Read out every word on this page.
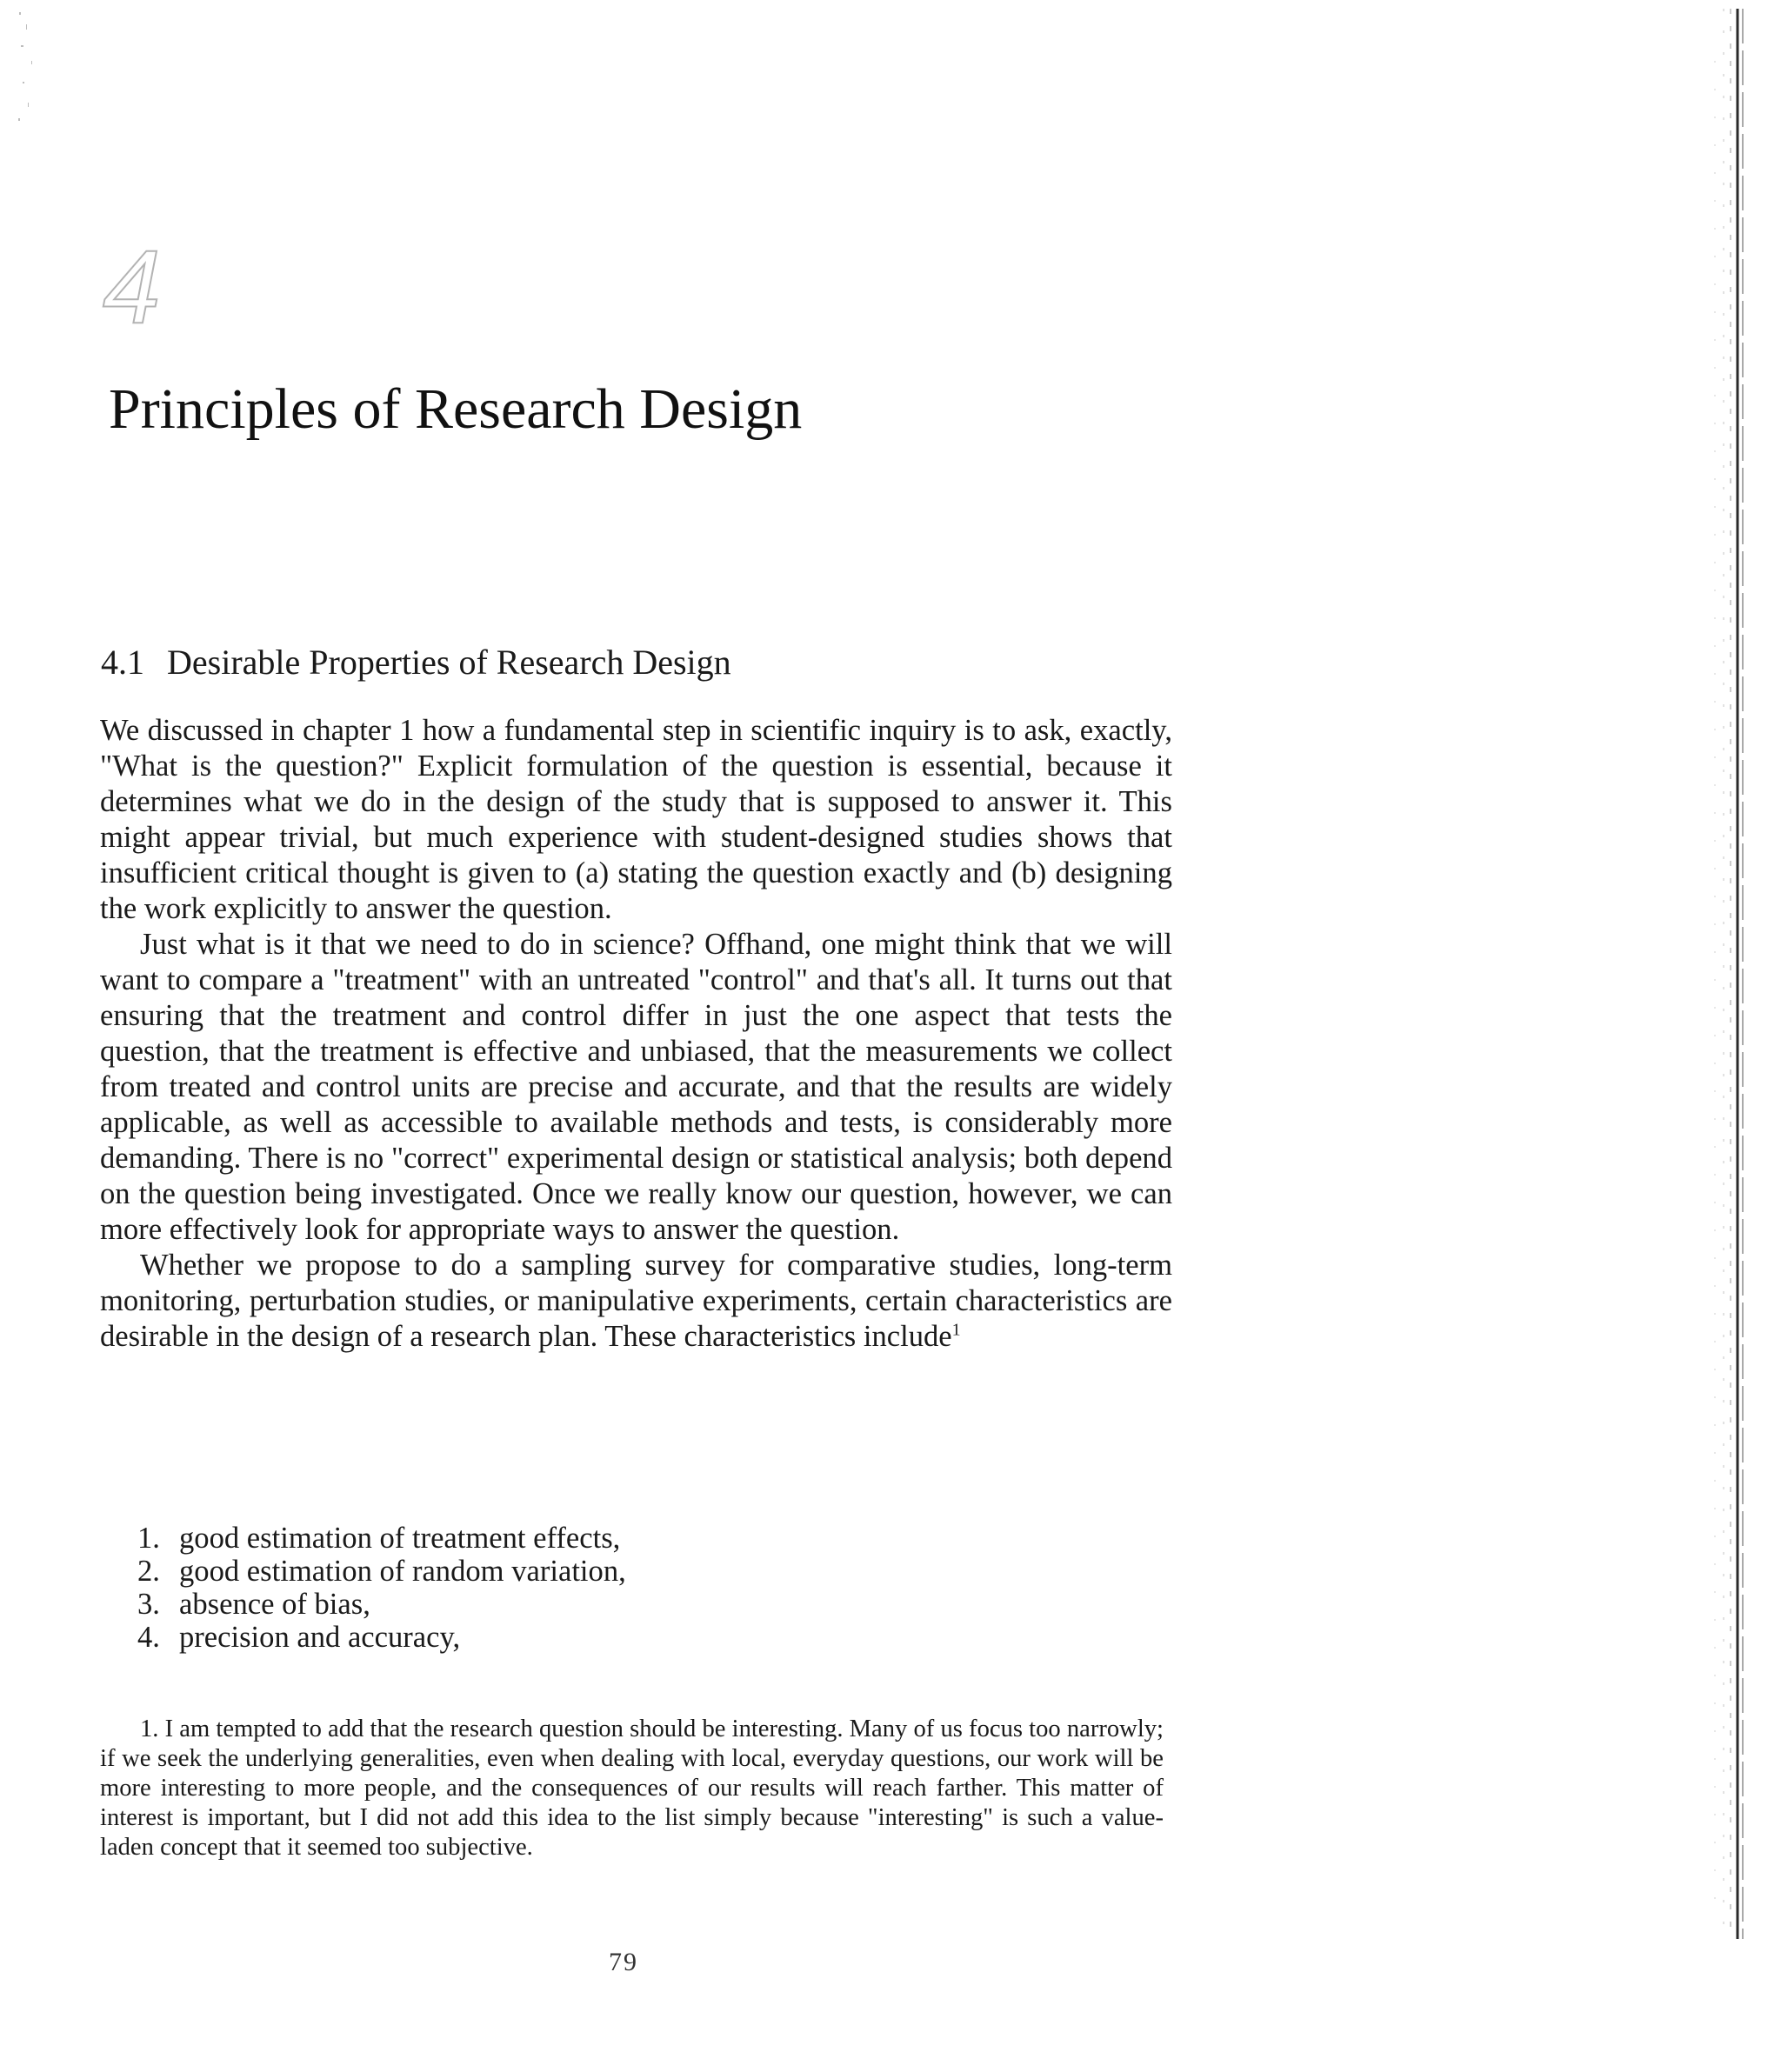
4
Principles of Research Design
4.1 Desirable Properties of Research Design

We discussed in chapter 1 how a fundamental step in scientific inquiry is to ask, exactly, "What is the question?" Explicit formulation of the question is essential, because it determines what we do in the design of the study that is supposed to answer it. This might appear trivial, but much experience with student-designed studies shows that insufficient critical thought is given to (a) stating the question exactly and (b) designing the work explicitly to answer the question.

Just what is it that we need to do in science? Offhand, one might think that we will want to compare a "treatment" with an untreated "control" and that's all. It turns out that ensuring that the treatment and control differ in just the one aspect that tests the question, that the treatment is effective and unbiased, that the measurements we collect from treated and control units are precise and accurate, and that the results are widely applicable, as well as accessible to available methods and tests, is considerably more demanding. There is no "correct" experimental design or statistical analysis; both depend on the question being investigated. Once we really know our question, however, we can more effectively look for appropriate ways to answer the question.

Whether we propose to do a sampling survey for comparative studies, long-term monitoring, perturbation studies, or manipulative experiments, certain characteristics are desirable in the design of a research plan. These characteristics include$^1$

1. good estimation of treatment effects,
2. good estimation of random variation,
3. absence of bias,
4. precision and accuracy,

1. I am tempted to add that the research question should be interesting. Many of us focus too narrowly; if we seek the underlying generalities, even when dealing with local, everyday questions, our work will be more interesting to more people, and the consequences of our results will reach farther. This matter of interest is important, but I did not add this idea to the list simply because "interesting" is such a value-laden concept that it seemed too subjective.

79
